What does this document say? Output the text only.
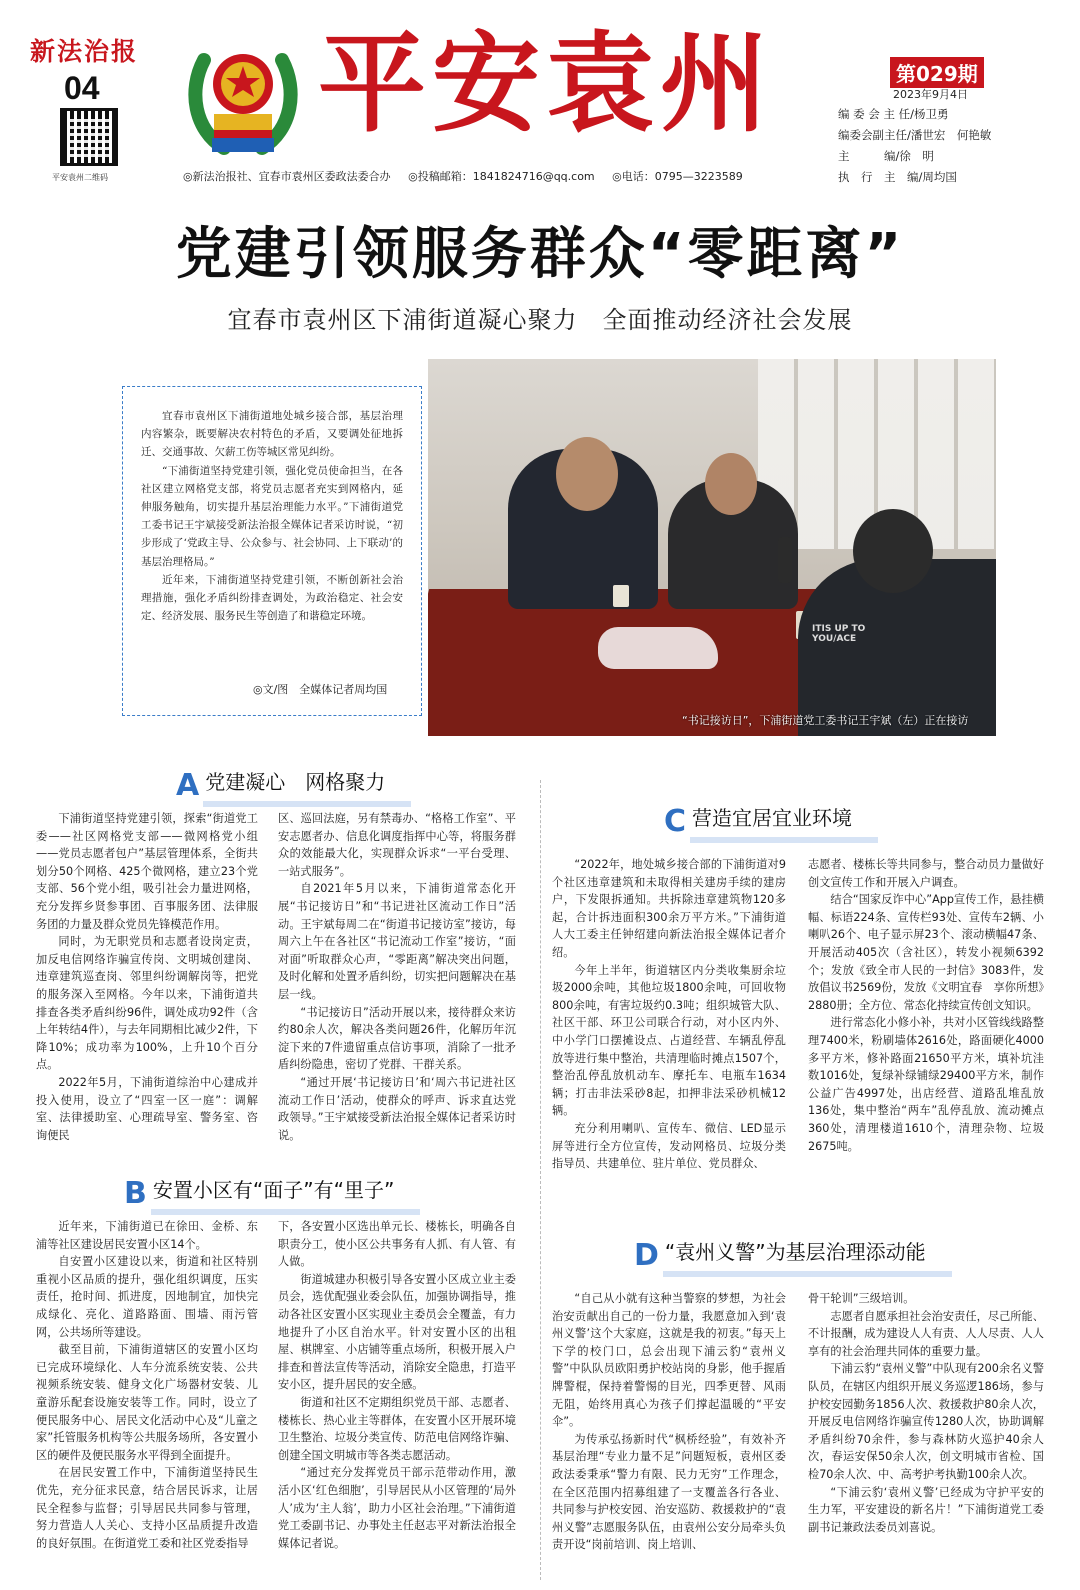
新法治报
04
平安袁州二维码
平安袁州	第029期
2023年9月4日
编 委 会 主 任/杨卫勇
编委会副主任/潘世宏　何艳敏
主　　　编/徐　明
执　行　主　编/周均国
◎新法治报社、宜春市袁州区委政法委合办 ◎投稿邮箱：1841824716@qq.com ◎电话：0795—3223589
党建引领服务群众“零距离”
宜春市袁州区下浦街道凝心聚力　全面推动经济社会发展

宜春市袁州区下浦街道地处城乡接合部，基层治理内容繁杂，既要解决农村特色的矛盾，又要调处征地拆迁、交通事故、欠薪工伤等城区常见纠纷。

“下浦街道坚持党建引领，强化党员使命担当，在各社区建立网格党支部，将党员志愿者充实到网格内，延伸服务触角，切实提升基层治理能力水平。”下浦街道党工委书记王宇斌接受新法治报全媒体记者采访时说，“初步形成了‘党政主导、公众参与、社会协同、上下联动’的基层治理格局。”

近年来，下浦街道坚持党建引领，不断创新社会治理措施，强化矛盾纠纷排查调处，为政治稳定、社会安定、经济发展、服务民生等创造了和谐稳定环境。

◎文/图　全媒体记者周均国
ITIS UP TO YOU/ACE
“书记接访日”，下浦街道党工委书记王宇斌（左）正在接访
A 党建凝心　网格聚力

下浦街道坚持党建引领，探索“街道党工委——社区网格党支部——微网格党小组——党员志愿者包户”基层管理体系，全街共划分50个网格、425个微网格，建立23个党支部、56个党小组，吸引社会力量进网格，充分发挥乡贤参事团、百事服务团、法律服务团的力量及群众党员先锋模范作用。

同时，为无职党员和志愿者设岗定责，加反电信网络诈骗宣传岗、文明城创建岗、违章建筑巡查岗、邻里纠纷调解岗等，把党的服务深入至网格。今年以来，下浦街道共排查各类矛盾纠纷96件，调处成功92件（含上年转结4件），与去年同期相比减少2件，下降10%；成功率为100%，上升10个百分点。

2022年5月，下浦街道综治中心建成并投入使用，设立了“四室一区一庭”：调解室、法律援助室、心理疏导室、警务室、咨询便民

区、巡回法庭，另有禁毒办、“格格工作室”、平安志愿者办、信息化调度指挥中心等，将服务群众的效能最大化，实现群众诉求“一平台受理、一站式服务”。

自2021年5月以来，下浦街道常态化开展“书记接访日”和“书记进社区流动工作日”活动。王宇斌每周二在“街道书记接访室”接访，每周六上午在各社区“书记流动工作室”接访，“面对面”听取群众心声，“零距离”解决突出问题，及时化解和处置矛盾纠纷，切实把问题解决在基层一线。

“书记接访日”活动开展以来，接待群众来访约80余人次，解决各类问题26件，化解历年沉淀下来的7件遗留重点信访事项，消除了一批矛盾纠纷隐患，密切了党群、干群关系。

“通过开展‘书记接访日’和‘周六书记进社区流动工作日’活动，使群众的呼声、诉求直达党政领导。”王宇斌接受新法治报全媒体记者采访时说。

B 安置小区有“面子”有“里子”

近年来，下浦街道已在徐田、金桥、东浦等社区建设居民安置小区14个。

自安置小区建设以来，街道和社区特别重视小区品质的提升，强化组织调度，压实责任，抢时间、抓进度，因地制宜，加快完成绿化、亮化、道路路面、围墙、雨污管网，公共场所等建设。

截至目前，下浦街道辖区的安置小区均已完成环境绿化、人车分流系统安装、公共视频系统安装、健身文化广场器材安装、儿童游乐配套设施安装等工作。同时，设立了便民服务中心、居民文化活动中心及“儿童之家”托管服务机构等公共服务场所，各安置小区的硬件及便民服务水平得到全面提升。

在居民安置工作中，下浦街道坚持民生优先，充分征求民意，结合居民诉求，让居民全程参与监督；引导居民共同参与管理，努力营造人人关心、支持小区品质提升改造的良好氛围。在街道党工委和社区党委指导

下，各安置小区选出单元长、楼栋长，明确各自职责分工，使小区公共事务有人抓、有人管、有人做。

街道城建办积极引导各安置小区成立业主委员会，选优配强业委会队伍，加强协调指导，推动各社区安置小区实现业主委员会全覆盖，有力地提升了小区自治水平。针对安置小区的出租屋、棋牌室、小店铺等重点场所，积极开展入户排查和普法宣传等活动，消除安全隐患，打造平安小区，提升居民的安全感。

街道和社区不定期组织党员干部、志愿者、楼栋长、热心业主等群体，在安置小区开展环境卫生整治、垃圾分类宣传、防范电信网络诈骗、创建全国文明城市等各类志愿活动。

“通过充分发挥党员干部示范带动作用，激活小区‘红色细胞’，引导居民从小区管理的‘局外人’成为‘主人翁’，助力小区社会治理。”下浦街道党工委副书记、办事处主任赵志平对新法治报全媒体记者说。

C 营造宜居宜业环境

“2022年，地处城乡接合部的下浦街道对9个社区违章建筑和未取得相关建房手续的建房户，下发限拆通知。共拆除违章建筑物120多起，合计拆违面积300余万平方米。”下浦街道人大工委主任钟绍建向新法治报全媒体记者介绍。

今年上半年，街道辖区内分类收集厨余垃圾2000余吨，其他垃圾1800余吨，可回收物800余吨，有害垃圾约0.3吨；组织城管大队、社区干部、环卫公司联合行动，对小区内外、中小学门口摆摊设点、占道经营、车辆乱停乱放等进行集中整治，共清理临时摊点1507个，整治乱停乱放机动车、摩托车、电瓶车1634辆；打击非法采砂8起，扣押非法采砂机械12辆。

充分利用喇叭、宣传车、微信、LED显示屏等进行全方位宣传，发动网格员、垃圾分类指导员、共建单位、驻片单位、党员群众、

志愿者、楼栋长等共同参与，整合动员力量做好创文宣传工作和开展入户调查。

结合“国家反诈中心”App宣传工作，悬挂横幅、标语224条、宣传栏93处、宣传车2辆、小喇叭26个、电子显示屏23个、滚动横幅47条、开展活动405次（含社区），转发小视频6392个；发放《致全市人民的一封信》3083件，发放倡议书2569份，发放《文明宜春　享你所想》2880册；全方位、常态化持续宣传创文知识。

进行常态化小修小补，共对小区管线线路整理7400米，粉刷墙体2616处，路面硬化4000多平方米，修补路面21650平方米，填补坑洼数1016处，复绿补绿铺绿29400平方米，制作公益广告4997处，出店经营、道路乱堆乱放136处，集中整治“两车”乱停乱放、流动摊点360处，清理楼道1610个，清理杂物、垃圾2675吨。

D “袁州义警”为基层治理添动能

“自己从小就有这种当警察的梦想，为社会治安贡献出自己的一份力量，我愿意加入到‘袁州义警’这个大家庭，这就是我的初衷。”每天上下学的校门口，总会出现下浦云豹“袁州义警”中队队员欧阳勇护校站岗的身影，他手握盾牌警棍，保持着警惕的目光，四季更替、风雨无阻，始终用真心为孩子们撑起温暖的“平安伞”。

为传承弘扬新时代“枫桥经验”，有效补齐基层治理“专业力量不足”问题短板，袁州区委政法委秉承“警力有限、民力无穷”工作理念，在全区范围内招募组建了一支覆盖各行各业、共同参与护校安园、治安巡防、救援救护的“袁州义警”志愿服务队伍，由袁州公安分局牵头负责开设“岗前培训、岗上培训、

骨干轮训”三级培训。

志愿者自愿承担社会治安责任，尽己所能、不计报酬，成为建设人人有责、人人尽责、人人享有的社会治理共同体的重要力量。

下浦云豹“袁州义警”中队现有200余名义警队员，在辖区内组织开展义务巡逻186场，参与护校安园勤务1856人次、救援救护80余人次，开展反电信网络诈骗宣传1280人次，协助调解矛盾纠纷70余件，参与森林防火巡护40余人次，春运安保50余人次，创文明城市省检、国检70余人次、中、高考护考执勤100余人次。

“下浦云豹‘袁州义警’已经成为守护平安的生力军，平安建设的新名片！”下浦街道党工委副书记兼政法委员刘喜说。
